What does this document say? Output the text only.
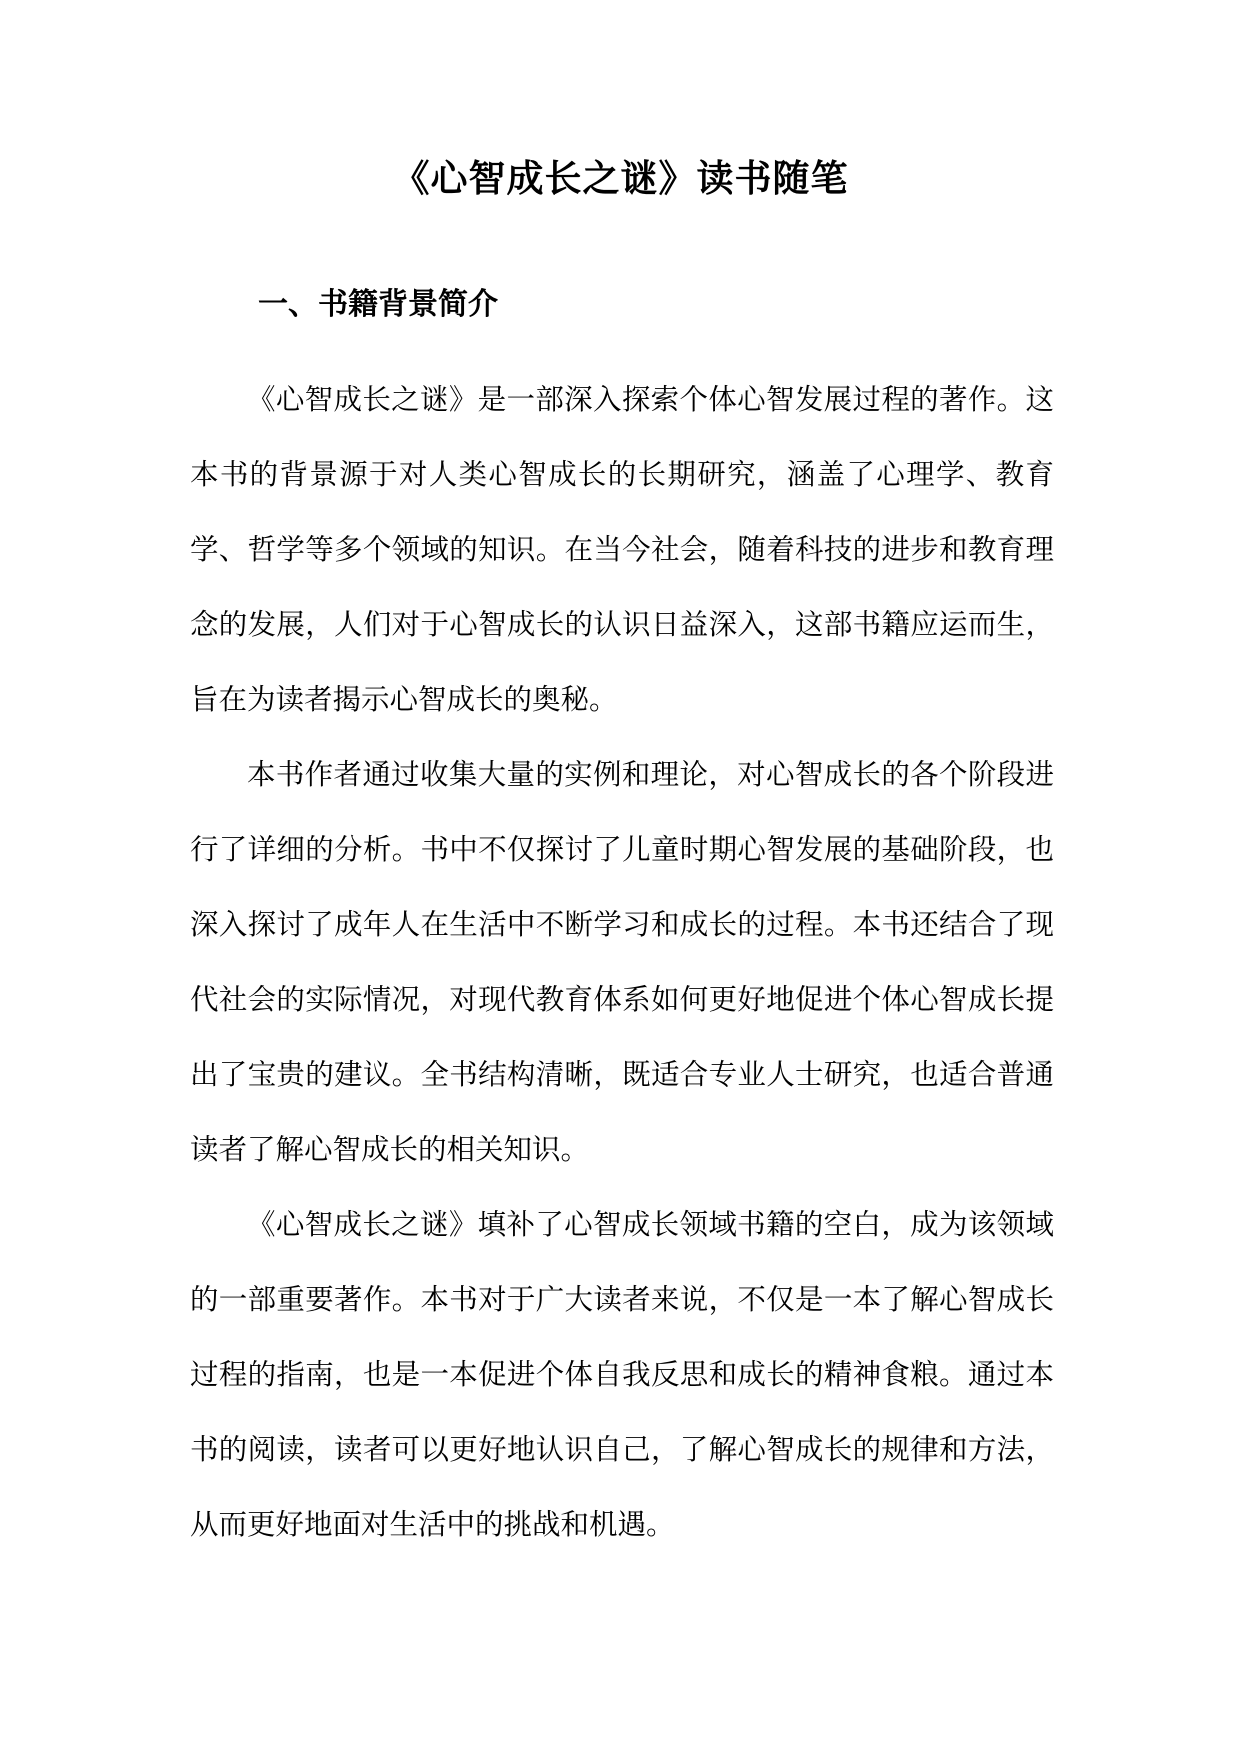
《心智成长之谜》读书随笔
一、书籍背景简介

《心智成长之谜》是一部深入探索个体心智发展过程的著作。这本书的背景源于对人类心智成长的长期研究，涵盖了心理学、教育学、哲学等多个领域的知识。在当今社会，随着科技的进步和教育理念的发展，人们对于心智成长的认识日益深入，这部书籍应运而生，旨在为读者揭示心智成长的奥秘。

本书作者通过收集大量的实例和理论，对心智成长的各个阶段进行了详细的分析。书中不仅探讨了儿童时期心智发展的基础阶段，也深入探讨了成年人在生活中不断学习和成长的过程。本书还结合了现代社会的实际情况，对现代教育体系如何更好地促进个体心智成长提出了宝贵的建议。全书结构清晰，既适合专业人士研究，也适合普通读者了解心智成长的相关知识。

《心智成长之谜》填补了心智成长领域书籍的空白，成为该领域的一部重要著作。本书对于广大读者来说，不仅是一本了解心智成长过程的指南，也是一本促进个体自我反思和成长的精神食粮。通过本书的阅读，读者可以更好地认识自己，了解心智成长的规律和方法，从而更好地面对生活中的挑战和机遇。
